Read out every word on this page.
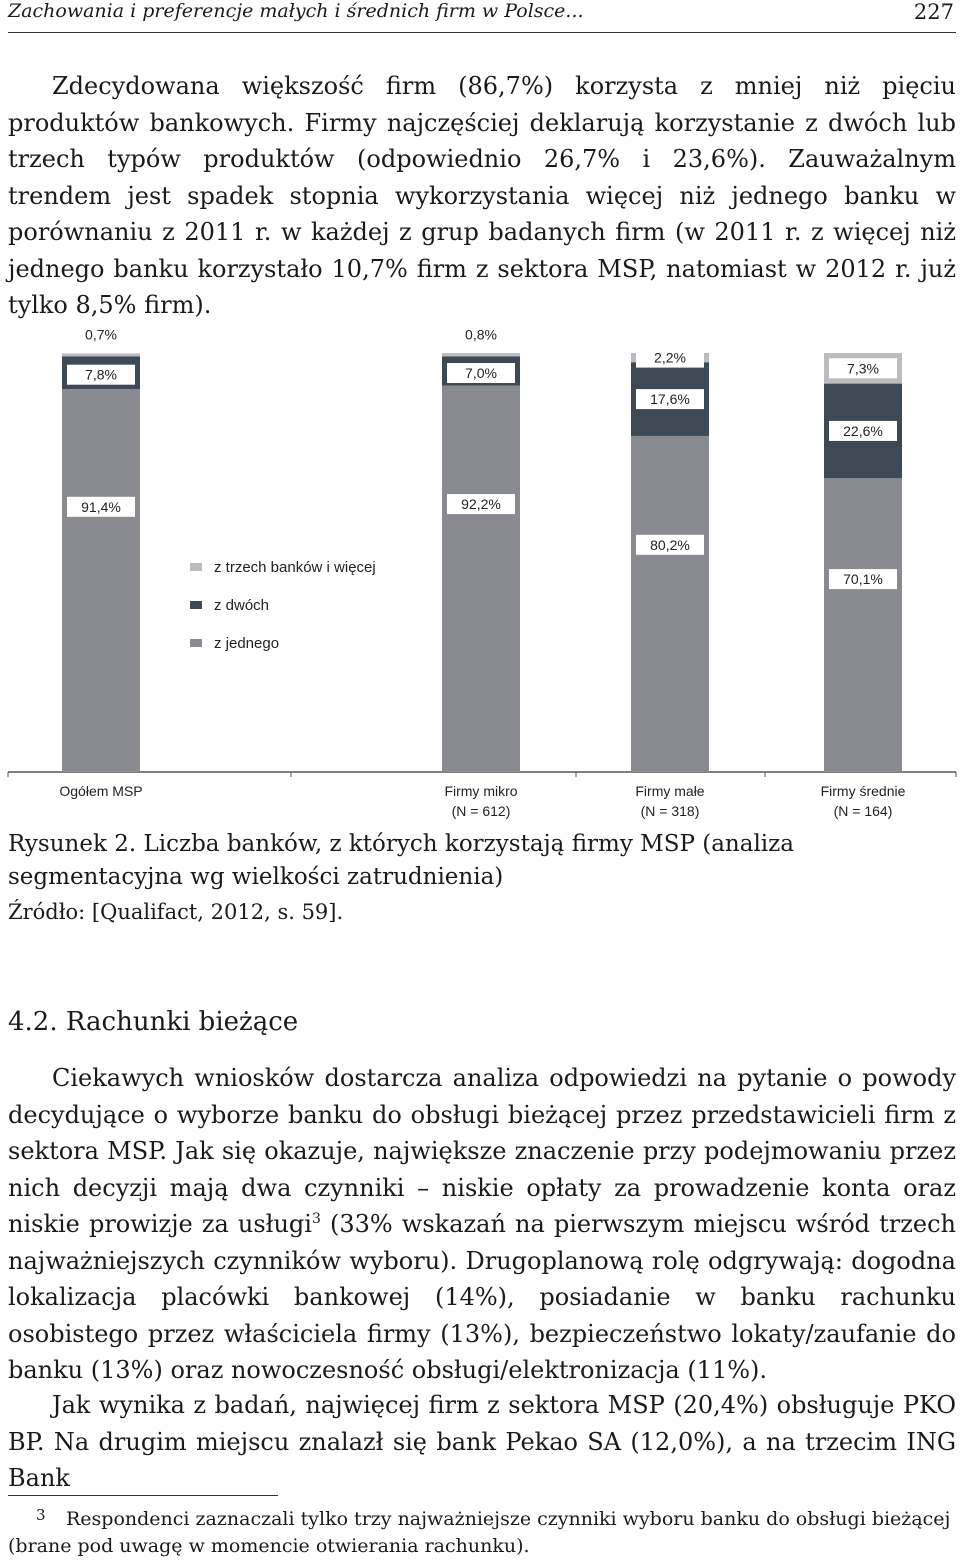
Zachowania i preferencje małych i średnich firm w Polsce...	227

Zdecydowana większość firm (86,7%) korzysta z mniej niż pięciu produktów bankowych. Firmy najczęściej deklarują korzystanie z dwóch lub trzech typów produktów (odpowiednio 26,7% i 23,6%). Zauważalnym trendem jest spadek stopnia wykorzystania więcej niż jednego banku w porównaniu z 2011 r. w każdej z grup badanych firm (w 2011 r. z więcej niż jednego banku korzystało 10,7% firm z sektora MSP, natomiast w 2012 r. już tylko 8,5% firm).

91,4%
7,8%
0,7%
Ogółem MSP
92,2%
7,0%
0,8%
Firmy mikro
(N = 612)
80,2%
17,6%
2,2%
Firmy małe
(N = 318)
70,1%
22,6%
7,3%
Firmy średnie
(N = 164)
z trzech banków i więcej
z dwóch
z jednego

Rysunek 2. Liczba banków, z których korzystają firmy MSP (analiza segmentacyjna wg wielkości zatrudnienia)

Źródło: [Qualifact, 2012, s. 59].
4.2. Rachunki bieżące

Ciekawych wniosków dostarcza analiza odpowiedzi na pytanie o powody decydujące o wyborze banku do obsługi bieżącej przez przedstawicieli firm z sektora MSP. Jak się okazuje, największe znaczenie przy podejmowaniu przez nich decyzji mają dwa czynniki – niskie opłaty za prowadzenie konta oraz niskie prowizje za usługi$^3$ (33% wskazań na pierwszym miejscu wśród trzech najważniejszych czynników wyboru). Drugoplanową rolę odgrywają: dogodna lokalizacja placówki bankowej (14%), posiadanie w banku rachunku osobistego przez właściciela firmy (13%), bezpieczeństwo lokaty/zaufanie do banku (13%) oraz nowoczesność obsługi/elektronizacja (11%).

Jak wynika z badań, najwięcej firm z sektora MSP (20,4%) obsługuje PKO BP. Na drugim miejscu znalazł się bank Pekao SA (12,0%), a na trzecim ING Bank

3 Respondenci zaznaczali tylko trzy najważniejsze czynniki wyboru banku do obsługi bieżącej (brane pod uwagę w momencie otwierania rachunku).
